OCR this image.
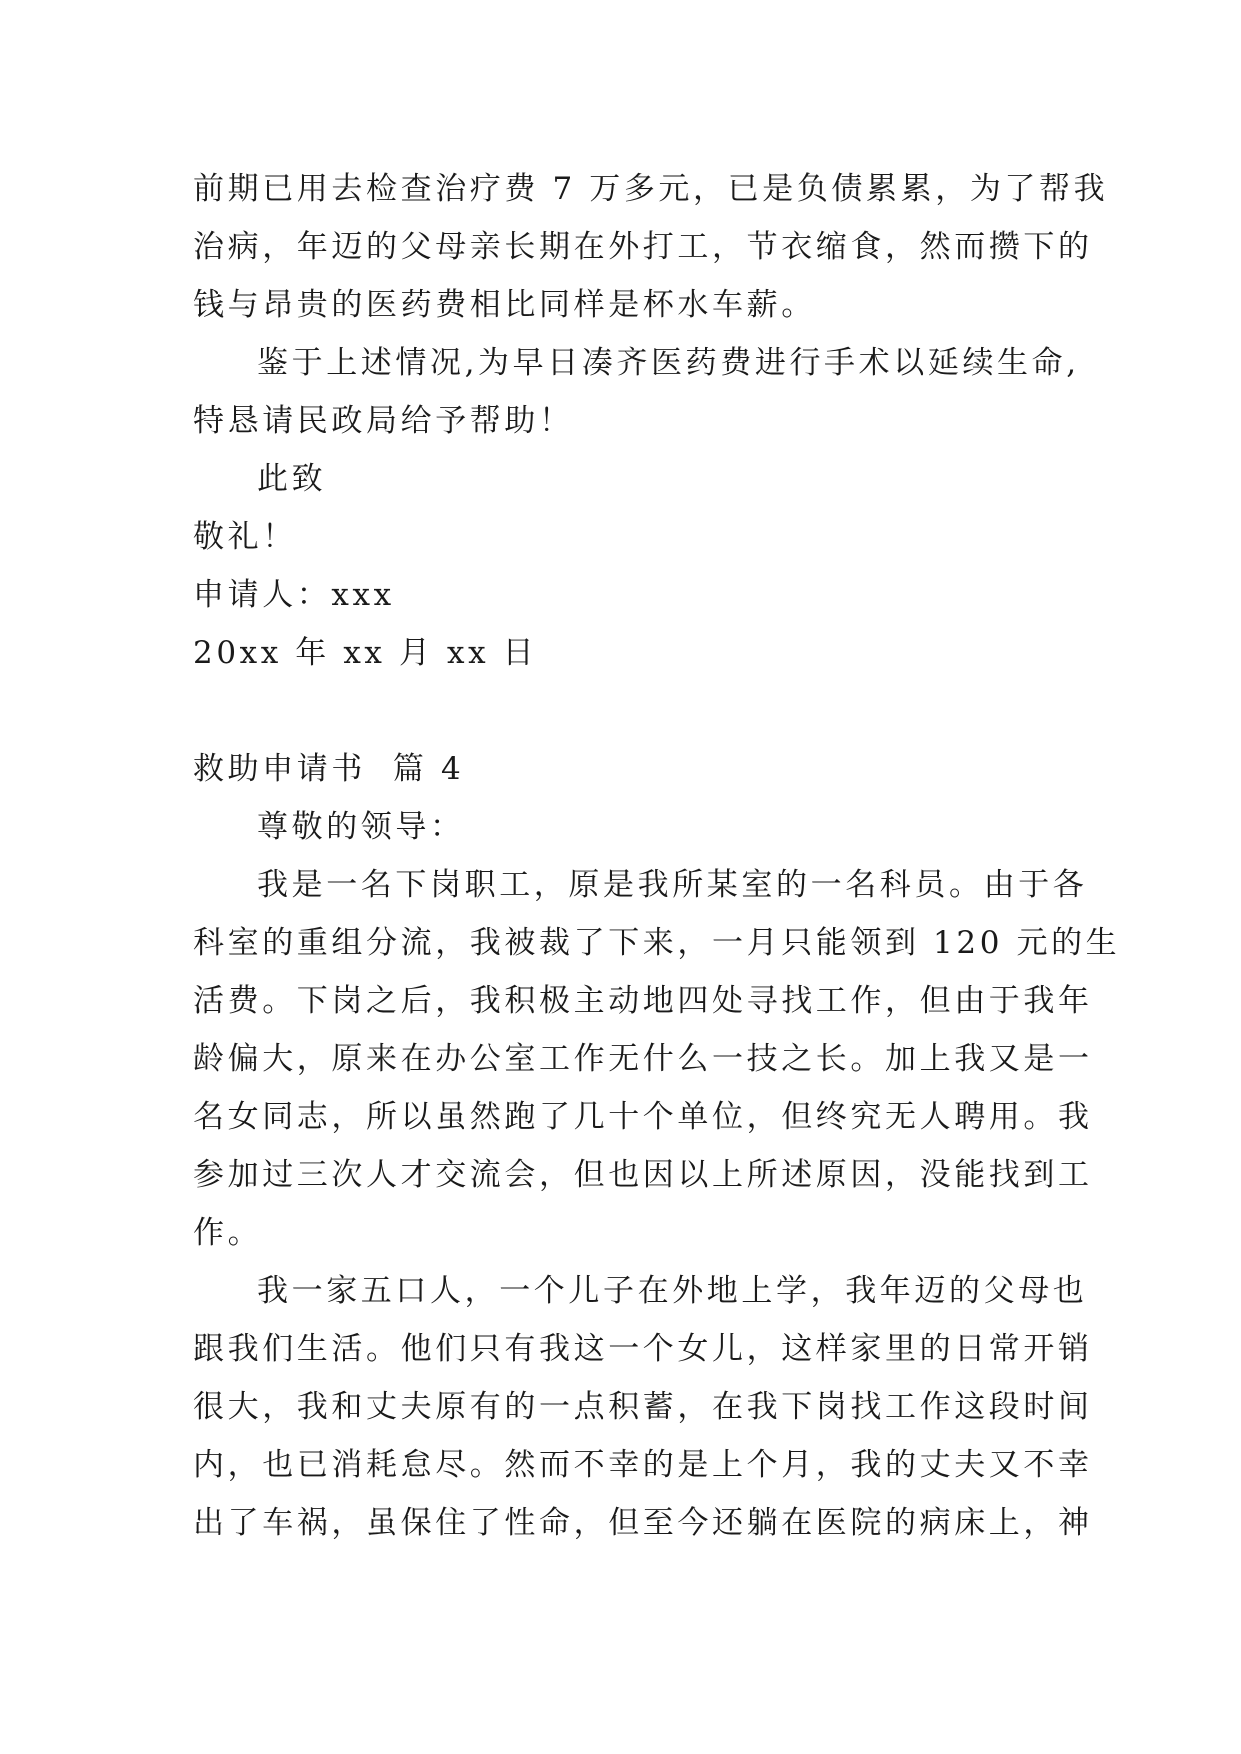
前期已用去检查治疗费 7 万多元，已是负债累累，为了帮我
治病，年迈的父母亲长期在外打工，节衣缩食，然而攒下的
钱与昂贵的医药费相比同样是杯水车薪。
鉴于上述情况,为早日凑齐医药费进行手术以延续生命,
特恳请民政局给予帮助！
此致
敬礼！
申请人：xxx
20xx 年 xx 月 xx 日
救助申请书  篇 4
尊敬的领导：
我是一名下岗职工，原是我所某室的一名科员。由于各
科室的重组分流，我被裁了下来，一月只能领到 120 元的生
活费。下岗之后，我积极主动地四处寻找工作，但由于我年
龄偏大，原来在办公室工作无什么一技之长。加上我又是一
名女同志，所以虽然跑了几十个单位，但终究无人聘用。我
参加过三次人才交流会，但也因以上所述原因，没能找到工
作。
我一家五口人，一个儿子在外地上学，我年迈的父母也
跟我们生活。他们只有我这一个女儿，这样家里的日常开销
很大，我和丈夫原有的一点积蓄，在我下岗找工作这段时间
内，也已消耗怠尽。然而不幸的是上个月，我的丈夫又不幸
出了车祸，虽保住了性命，但至今还躺在医院的病床上，神
